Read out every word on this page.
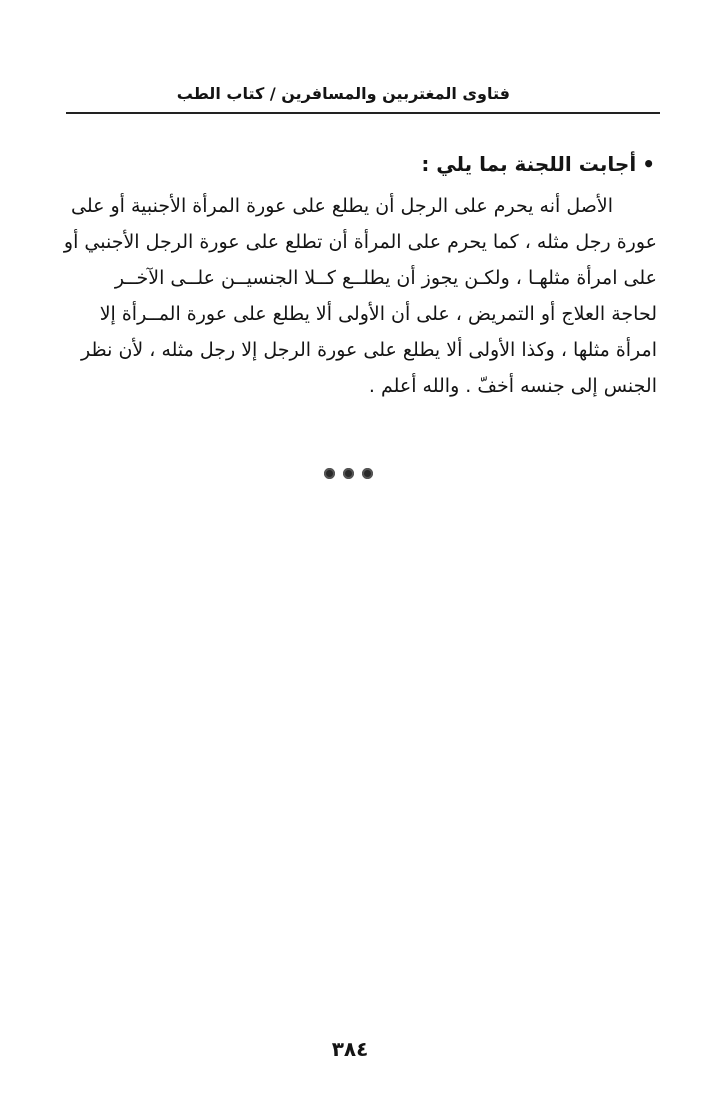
فتاوى المغتربين والمسافرين / كتاب الطب
•أجابت اللجنة بما يلي :
الأصل أنه يحرم على الرجل أن يطلع على عورة المرأة الأجنبية أو على
عورة رجل مثله ، كما يحرم على المرأة أن تطلع على عورة الرجل الأجنبي أو
على امرأة مثلهـا ، ولكـن يجوز أن يطلــع كــلا الجنسيــن علــى الآخــر
لحاجة العلاج أو التمريض ، على أن الأولى ألا يطلع على عورة المــرأة إلا
امرأة مثلها ، وكذا الأولى ألا يطلع على عورة الرجل إلا رجل مثله ، لأن نظر
الجنس إلى جنسه أخفّ . والله أعلم .
٣٨٤
